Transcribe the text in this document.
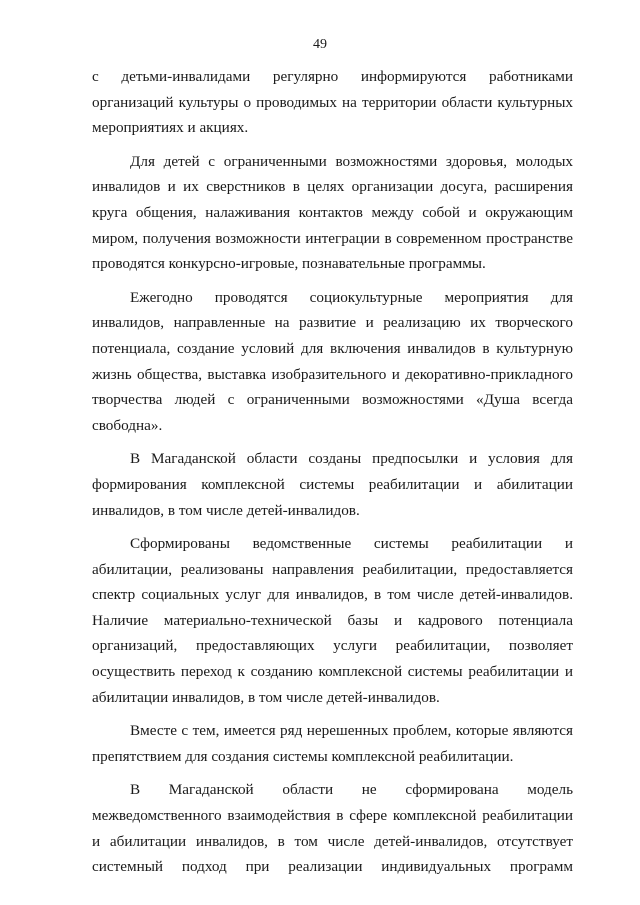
49

с детьми-инвалидами регулярно информируются работниками организаций культуры о проводимых на территории области культурных мероприятиях и акциях.

Для детей с ограниченными возможностями здоровья, молодых инвалидов и их сверстников в целях организации досуга, расширения круга общения, налаживания контактов между собой и окружающим миром, получения возможности интеграции в современном пространстве проводятся конкурсно-игровые, познавательные программы.

Ежегодно проводятся социокультурные мероприятия для инвалидов, направленные на развитие и реализацию их творческого потенциала, создание условий для включения инвалидов в культурную жизнь общества, выставка изобразительного и декоративно-прикладного творчества людей с ограниченными возможностями «Душа всегда свободна».

В Магаданской области созданы предпосылки и условия для формирования комплексной системы реабилитации и абилитации инвалидов, в том числе детей-инвалидов.

Сформированы ведомственные системы реабилитации и абилитации, реализованы направления реабилитации, предоставляется спектр социальных услуг для инвалидов, в том числе детей-инвалидов. Наличие материально-технической базы и кадрового потенциала организаций, предоставляющих услуги реабилитации, позволяет осуществить переход к созданию комплексной системы реабилитации и абилитации инвалидов, в том числе детей-инвалидов.

Вместе с тем, имеется ряд нерешенных проблем, которые являются препятствием для создания системы комплексной реабилитации.

В Магаданской области не сформирована модель межведомственного взаимодействия в сфере комплексной реабилитации и абилитации инвалидов, в том числе детей-инвалидов, отсутствует системный подход при реализации индивидуальных программ
